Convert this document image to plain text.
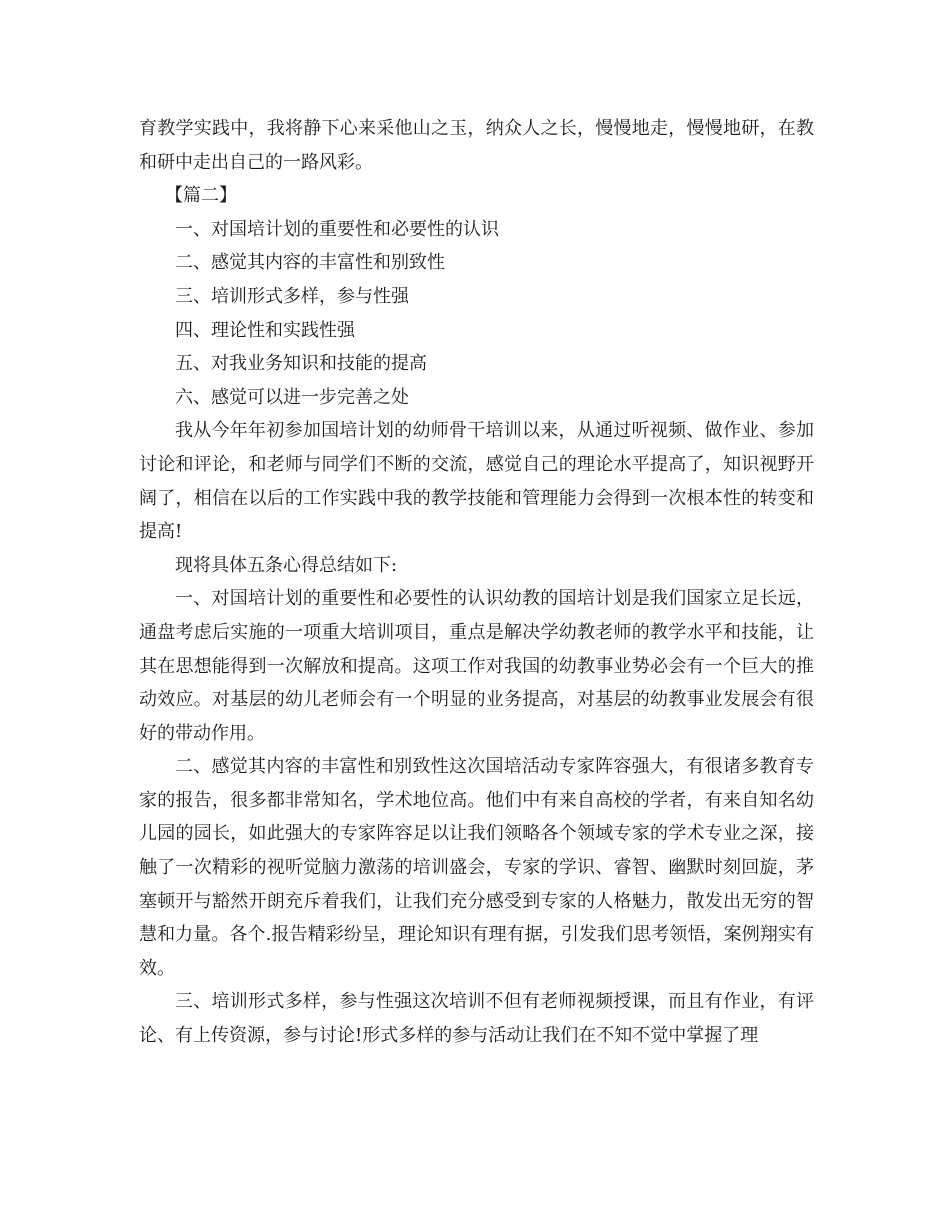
育教学实践中，我将静下心来采他山之玉，纳众人之长，慢慢地走，慢慢地研，在教和研中走出自己的一路风彩。

【篇二】

一、对国培计划的重要性和必要性的认识

二、感觉其内容的丰富性和别致性

三、培训形式多样，参与性强

四、理论性和实践性强

五、对我业务知识和技能的提高

六、感觉可以进一步完善之处

我从今年年初参加国培计划的幼师骨干培训以来，从通过听视频、做作业、参加讨论和评论，和老师与同学们不断的交流，感觉自己的理论水平提高了，知识视野开阔了，相信在以后的工作实践中我的教学技能和管理能力会得到一次根本性的转变和提高!

现将具体五条心得总结如下:

一、对国培计划的重要性和必要性的认识幼教的国培计划是我们国家立足长远，通盘考虑后实施的一项重大培训项目，重点是解决学幼教老师的教学水平和技能，让其在思想能得到一次解放和提高。这项工作对我国的幼教事业势必会有一个巨大的推动效应。对基层的幼儿老师会有一个明显的业务提高，对基层的幼教事业发展会有很好的带动作用。

二、感觉其内容的丰富性和别致性这次国培活动专家阵容强大，有很诸多教育专家的报告，很多都非常知名，学术地位高。他们中有来自高校的学者，有来自知名幼儿园的园长，如此强大的专家阵容足以让我们领略各个领域专家的学术专业之深，接触了一次精彩的视听觉脑力激荡的培训盛会，专家的学识、睿智、幽默时刻回旋，茅塞顿开与豁然开朗充斥着我们，让我们充分感受到专家的人格魅力，散发出无穷的智慧和力量。各个.报告精彩纷呈，理论知识有理有据，引发我们思考领悟，案例翔实有效。

三、培训形式多样，参与性强这次培训不但有老师视频授课，而且有作业，有评论、有上传资源，参与讨论!形式多样的参与活动让我们在不知不觉中掌握了理
